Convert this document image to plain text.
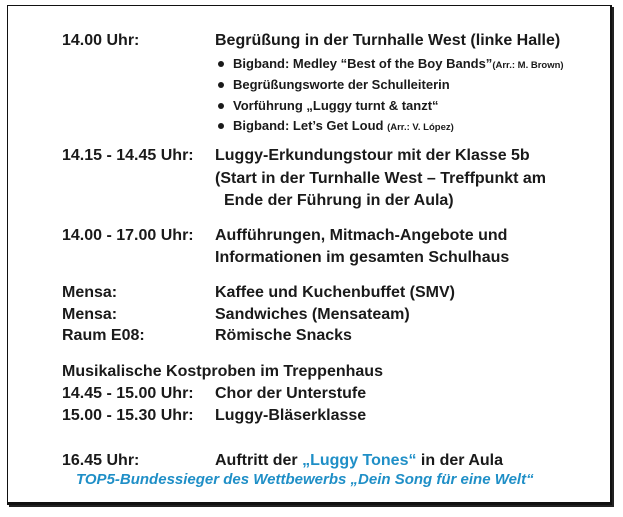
14.00 Uhr:	Begrüßung in der Turnhalle West (linke Halle)
Bigband: Medley “Best of the Boy Bands”(Arr.: M. Brown)
Begrüßungsworte der Schulleiterin
Vorführung „Luggy turnt & tanzt“
Bigband: Let’s Get Loud (Arr.: V. López)
14.15 - 14.45 Uhr: Luggy-Erkundungstour mit der Klasse 5b
(Start in der Turnhalle West – Treffpunkt am
Ende der Führung in der Aula)
14.00 - 17.00 Uhr: Aufführungen, Mitmach-Angebote und
Informationen im gesamten Schulhaus
Mensa:	Kaffee und Kuchenbuffet (SMV)
Mensa:	Sandwiches (Mensateam)
Raum E08:	Römische Snacks
Musikalische Kostproben im Treppenhaus
14.45 - 15.00 Uhr: Chor der Unterstufe
15.00 - 15.30 Uhr: Luggy-Bläserklasse
16.45 Uhr:	Auftritt der „Luggy Tones“ in der Aula
TOP5-Bundessieger des Wettbewerbs „Dein Song für eine Welt“
